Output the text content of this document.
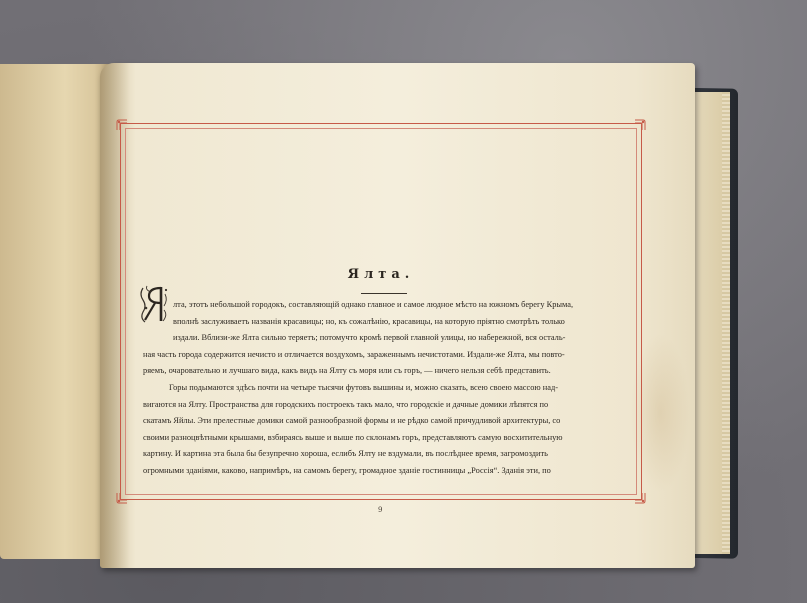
Ялта.

лта, этотъ небольшой городокъ, составляющій однако главное и самое людное мѣсто на южномъ берегу Крыма,

вполнѣ заслуживаетъ названія красавицы; но, къ сожалѣнію, красавицы, на которую пріятно смотрѣть только

издали. Вблизи-же Ялта сильно теряетъ; потомучто кромѣ первой главной улицы, но набережной, вся осталь-

ная часть города содержится нечисто и отличается воздухомъ, зараженнымъ нечистотами. Издали-же Ялта, мы повто-

ряемъ, очаровательно и лучшаго вида, какъ видъ на Ялту съ моря или съ горъ, — ничего нельзя себѣ представить.

Горы подымаются здѣсь почти на четыре тысячи футовъ вышины и, можно сказать, всею своею массою над-

вигаются на Ялту. Пространства для городскихъ построекъ такъ мало, что городскіе и дачные домики лѣпятся по

скатамъ Яйлы. Эти прелестные домики самой разнообразной формы и не рѣдко самой причудливой архитектуры, со

своими разноцвѣтными крышами, взбираясь выше и выше по склонамъ горъ, представляютъ самую восхитительную

картину. И картина эта была бы безупречно хороша, еслибъ Ялту не вздумали, въ послѣднее время, загромоздить

огромными зданіями, каково, напримѣръ, на самомъ берегу, громадное зданіе гостинницы „Россія“. Зданія эти, по

9
